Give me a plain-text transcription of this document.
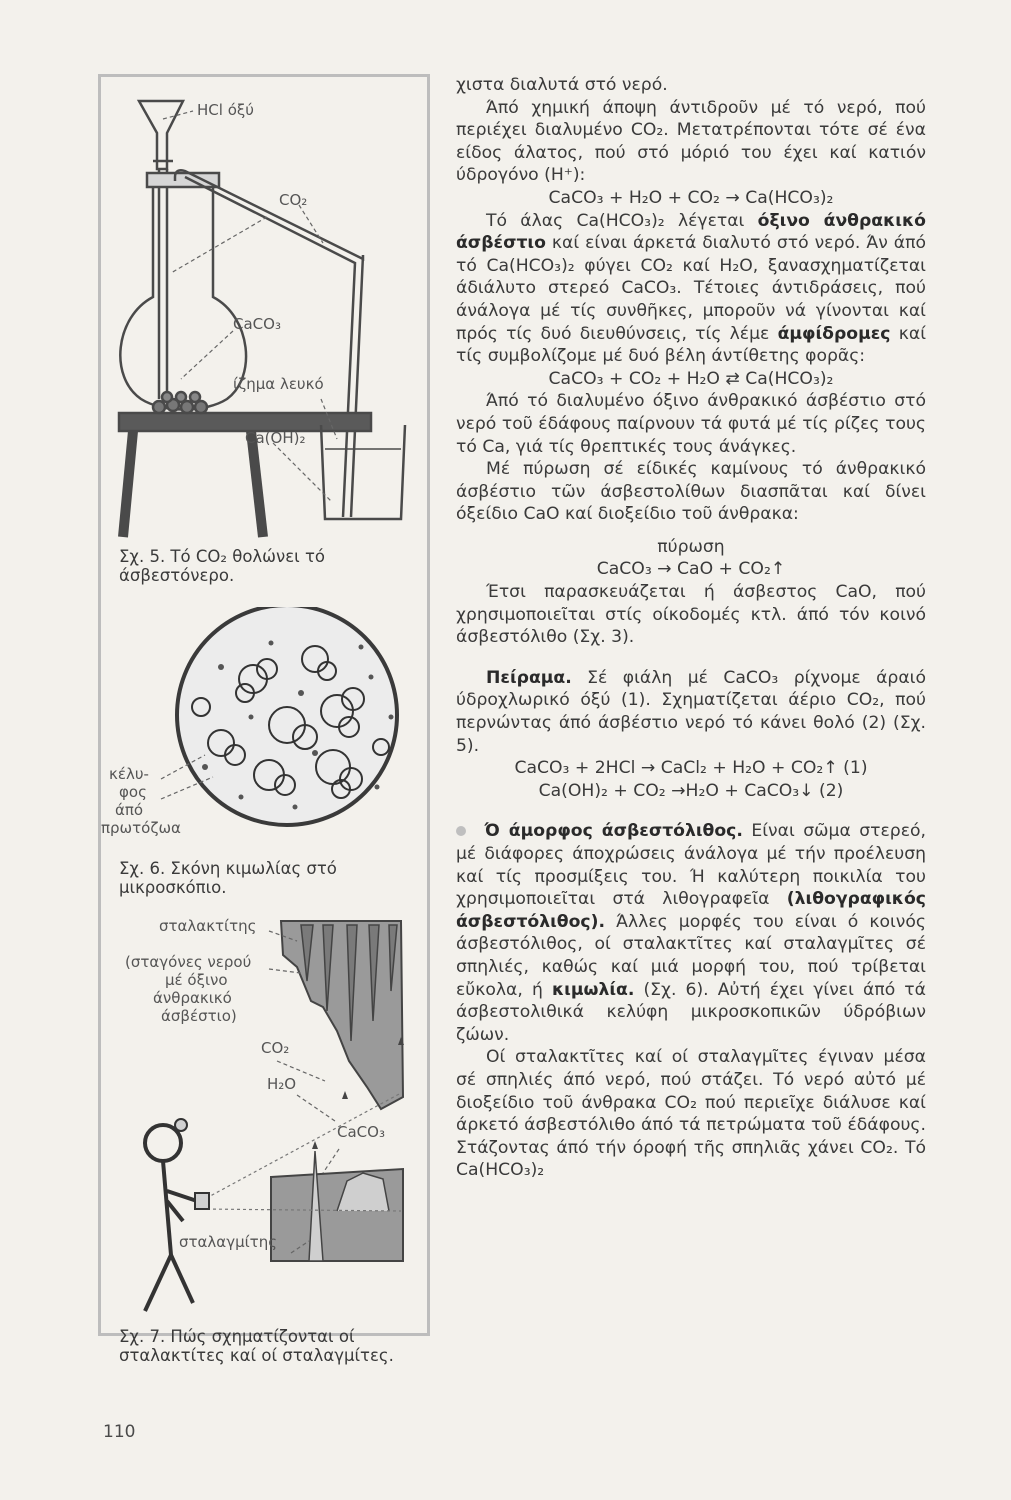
HCl όξύ
CO₂
CaCO₃
ίζημα λευκό
Ca(OH)₂
Σχ. 5. Τό CO₂ θολώνει τό άσβεστόνερο.
κέλυ-
φος
άπό
πρωτόζωα
Σχ. 6. Σκόνη κιμωλίας στό μικροσκόπιο.
σταλακτίτης
(σταγόνες νερού
μέ όξινο
άνθρακικό
άσβέστιο)
CO₂
H₂O
CaCO₃
σταλαγμίτης
Σχ. 7. Πώς σχηματίζονται οί σταλακτίτες καί οί σταλαγμίτες.

χιστα διαλυτά στό νερό.

Άπό χημική άποψη άντιδροῦν μέ τό νερό, πού περιέχει διαλυμένο CO₂. Μετατρέπονται τότε σέ ένα είδος άλατος, πού στό μόριό του έχει καί κατιόν ύδρογόνο (H⁺):

CaCO₃ + H₂O + CO₂ → Ca(HCO₃)₂

Τό άλας Ca(HCO₃)₂ λέγεται όξινο άνθρακικό άσβέστιο καί είναι άρκετά διαλυτό στό νερό. Άν άπό τό Ca(HCO₃)₂ φύγει CO₂ καί H₂O, ξανασχηματίζεται άδιάλυτο στερεό CaCO₃. Τέτοιες άντιδράσεις, πού άνάλογα μέ τίς συνθῆκες, μποροῦν νά γίνονται καί πρός τίς δυό διευθύνσεις, τίς λέμε άμφίδρομες καί τίς συμβολίζομε μέ δυό βέλη άντίθετης φορᾶς:

CaCO₃ + CO₂ + H₂O ⇄ Ca(HCO₃)₂

Άπό τό διαλυμένο όξινο άνθρακικό άσβέστιο στό νερό τοῦ έδάφους παίρνουν τά φυτά μέ τίς ρίζες τους τό Ca, γιά τίς θρεπτικές τους άνάγκες.

Μέ πύρωση σέ είδικές καμίνους τό άνθρακικό άσβέστιο τῶν άσβεστολίθων διασπᾶται καί δίνει όξείδιο CaO καί διοξείδιο τοῦ άνθρακα:

πύρωση

CaCO₃ → CaO + CO₂↑

Έτσι παρασκευάζεται ή άσβεστος CaO, πού χρησιμοποιεῖται στίς οίκοδομές κτλ. άπό τόν κοινό άσβεστόλιθο (Σχ. 3).

Πείραμα. Σέ φιάλη μέ CaCO₃ ρίχνομε άραιό ύδροχλωρικό όξύ (1). Σχηματίζεται άέριο CO₂, πού περνώντας άπό άσβέστιο νερό τό κάνει θολό (2) (Σχ. 5).

CaCO₃ + 2HCl → CaCl₂ + H₂O + CO₂↑ (1)

Ca(OH)₂ + CO₂ →H₂O + CaCO₃↓ (2)

Ό άμορφος άσβεστόλιθος. Είναι σῶμα στερεό, μέ διάφορες άποχρώσεις άνάλογα μέ τήν προέλευση καί τίς προσμίξεις του. Ή καλύτερη ποικιλία του χρησιμοποιεῖται στά λιθογραφεῖα (λιθογραφικός άσβεστόλιθος). Άλλες μορφές του είναι ό κοινός άσβεστόλιθος, οί σταλακτῖτες καί σταλαγμῖτες σέ σπηλιές, καθώς καί μιά μορφή του, πού τρίβεται εὔκολα, ή κιμωλία. (Σχ. 6). Αὐτή έχει γίνει άπό τά άσβεστολιθικά κελύφη μικροσκοπικῶν ύδρόβιων ζώων.

Οί σταλακτῖτες καί οί σταλαγμῖτες έγιναν μέσα σέ σπηλιές άπό νερό, πού στάζει. Τό νερό αὐτό μέ διοξείδιο τοῦ άνθρακα CO₂ πού περιεῖχε διάλυσε καί άρκετό άσβεστόλιθο άπό τά πετρώματα τοῦ έδάφους. Στάζοντας άπό τήν όροφή τῆς σπηλιᾶς χάνει CO₂. Τό Ca(HCO₃)₂

110
